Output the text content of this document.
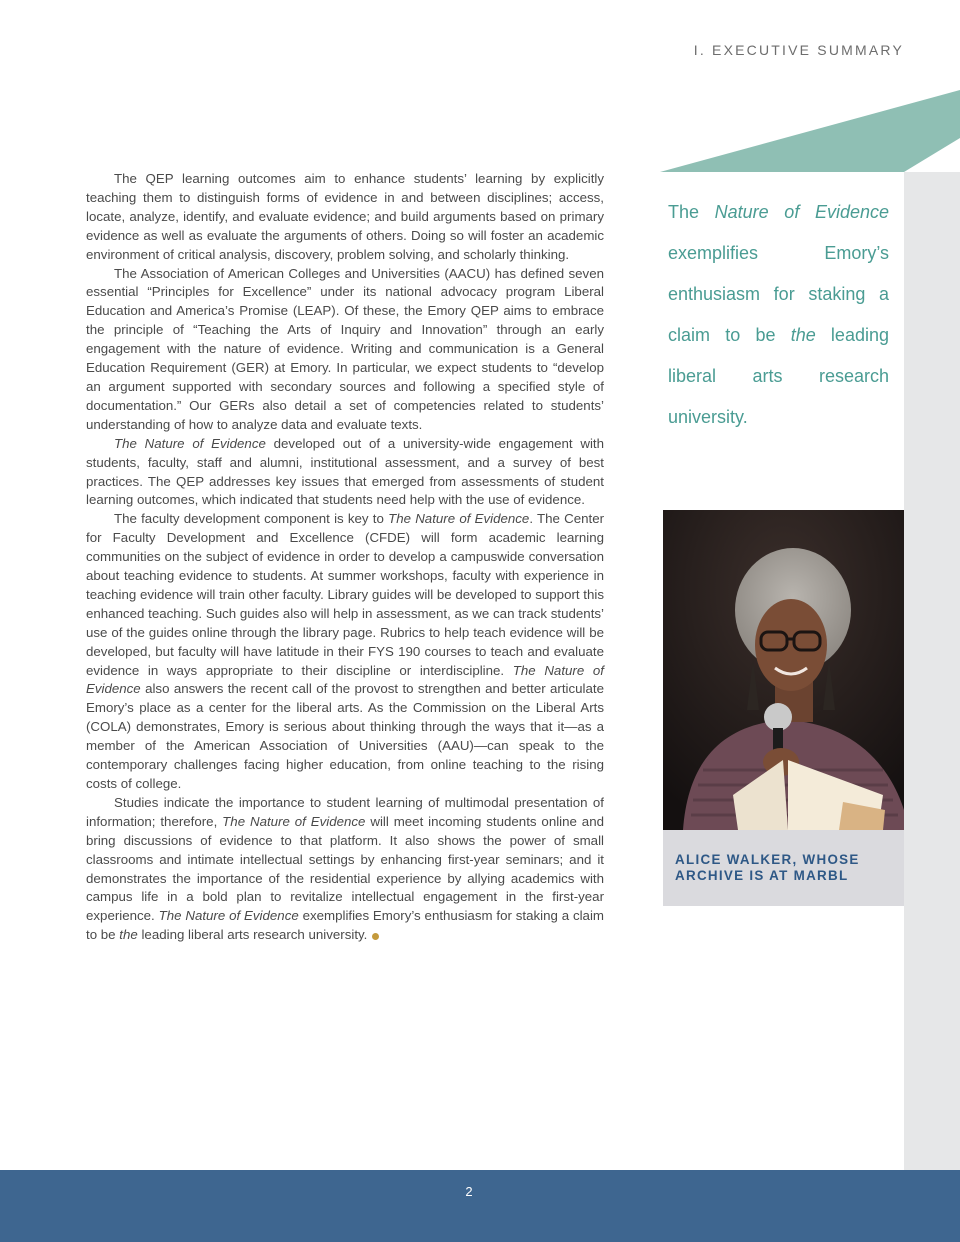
I. EXECUTIVE SUMMARY

The QEP learning outcomes aim to enhance students’ learning by explicitly teaching them to distinguish forms of evidence in and between disciplines; access, locate, analyze, identify, and evaluate evidence; and build arguments based on primary evidence as well as evaluate the arguments of others. Doing so will foster an academic environment of critical analysis, discovery, problem solving, and scholarly thinking.

The Association of American Colleges and Universities (AACU) has defined seven essential “Principles for Excellence” under its national advocacy program Liberal Education and America’s Promise (LEAP). Of these, the Emory QEP aims to embrace the principle of “Teaching the Arts of Inquiry and Innovation” through an early engagement with the nature of evidence. Writing and communication is a General Education Requirement (GER) at Emory. In particular, we expect students to “develop an argument supported with secondary sources and following a specified style of documentation.” Our GERs also detail a set of competencies related to students’ understanding of how to analyze data and evaluate texts.

The Nature of Evidence developed out of a university-wide engagement with students, faculty, staff and alumni, institutional assessment, and a survey of best practices. The QEP addresses key issues that emerged from assessments of student learning outcomes, which indicated that students need help with the use of evidence.

The faculty development component is key to The Nature of Evidence. The Center for Faculty Development and Excellence (CFDE) will form academic learning communities on the subject of evidence in order to develop a campuswide conversation about teaching evidence to students. At summer workshops, faculty with experience in teaching evidence will train other faculty. Library guides will be developed to support this enhanced teaching. Such guides also will help in assessment, as we can track students’ use of the guides online through the library page. Rubrics to help teach evidence will be developed, but faculty will have latitude in their FYS 190 courses to teach and evaluate evidence in ways appropriate to their discipline or interdiscipline. The Nature of Evidence also answers the recent call of the provost to strengthen and better articulate Emory’s place as a center for the liberal arts. As the Commission on the Liberal Arts (COLA) demonstrates, Emory is serious about thinking through the ways that it—as a member of the American Association of Universities (AAU)—can speak to the contemporary challenges facing higher education, from online teaching to the rising costs of college.

Studies indicate the importance to student learning of multimodal presentation of information; therefore, The Nature of Evidence will meet incoming students online and bring discussions of evidence to that platform. It also shows the power of small classrooms and intimate intellectual settings by enhancing first-year seminars; and it demonstrates the importance of the residential experience by allying academics with campus life in a bold plan to revitalize intellectual engagement in the first-year experience. The Nature of Evidence exemplifies Emory’s enthusiasm for staking a claim to be the leading liberal arts research university.

The Nature of Evidence exemplifies Emory’s enthusiasm for staking a claim to be the leading liberal arts research university.
ALICE WALKER, WHOSE
ARCHIVE IS AT MARBL
2
